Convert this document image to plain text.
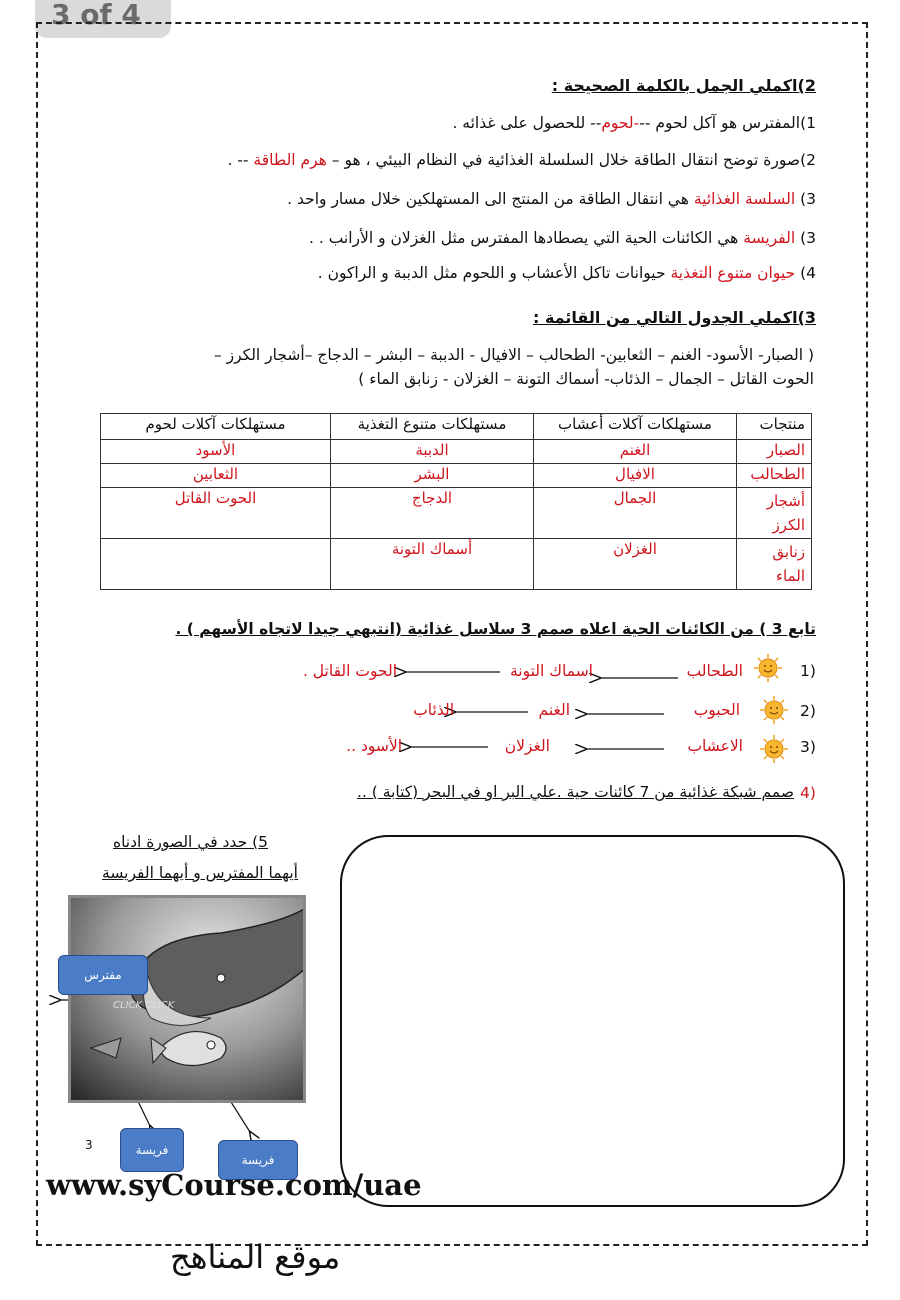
3 of 4
2)اكملي الجمل بالكلمة الصحيحة :
1)المفترس هو آكل لحوم ---لحوم-- للحصول على غذائه .
2)صورة توضح انتقال الطاقة خلال السلسلة الغذائية في النظام البيئي ، هو – هرم الطاقة -- .
3) السلسة الغذائية هي انتقال الطاقة من المنتج الى المستهلكين خلال مسار واحد .
3) الفريسة هي الكائنات الحية التي يصطادها المفترس مثل الغزلان و الأرانب . .
4) حيوان متنوع التغذية حيوانات تاكل الأعشاب و اللحوم مثل الدببة و الراكون .
3)اكملي الجدول التالي من القائمة :
( الصبار- الأسود- الغنم – الثعابين- الطحالب – الافيال - الدببة – البشر – الدجاج –أشجار الكرز –
الحوت القاتل – الجمال – الذئاب- أسماك التونة – الغزلان - زنابق الماء )
منتجات	مستهلكات آكلات أعشاب	مستهلكات متنوع التغذية	مستهلكات آكلات لحوم
الصبار	الغنم	الدببة	الأسود
الطحالب	الافيال	البشر	الثعابين
أشجار الكرز	الجمال	الدجاج	الحوت القاتل
زنابق الماء	الغزلان	أسماك التونة	
تابع 3 ) من الكائنات الحية اعلاه صمم 3 سلاسل غذائية (انتبهي جيدا لاتجاه الأسهم ) .
1)
2)
3)
الطحالب
اسماك التونة
الحوت القاتل .
الحبوب
الغنم
الذئاب
الاعشاب
الغزلان
الأسود ..
4)
صمم شبكة غذائية من 7 كائنات حية .علي البر او في البحر (كتابة ) ..
5) حدد في الصورة ادناه
أيهما المفترس و أيهما الفريسة
CLICK CLICK
مفترس
فريسة
فريسة
3
www.syCourse.com/uae
موقع المناهج
